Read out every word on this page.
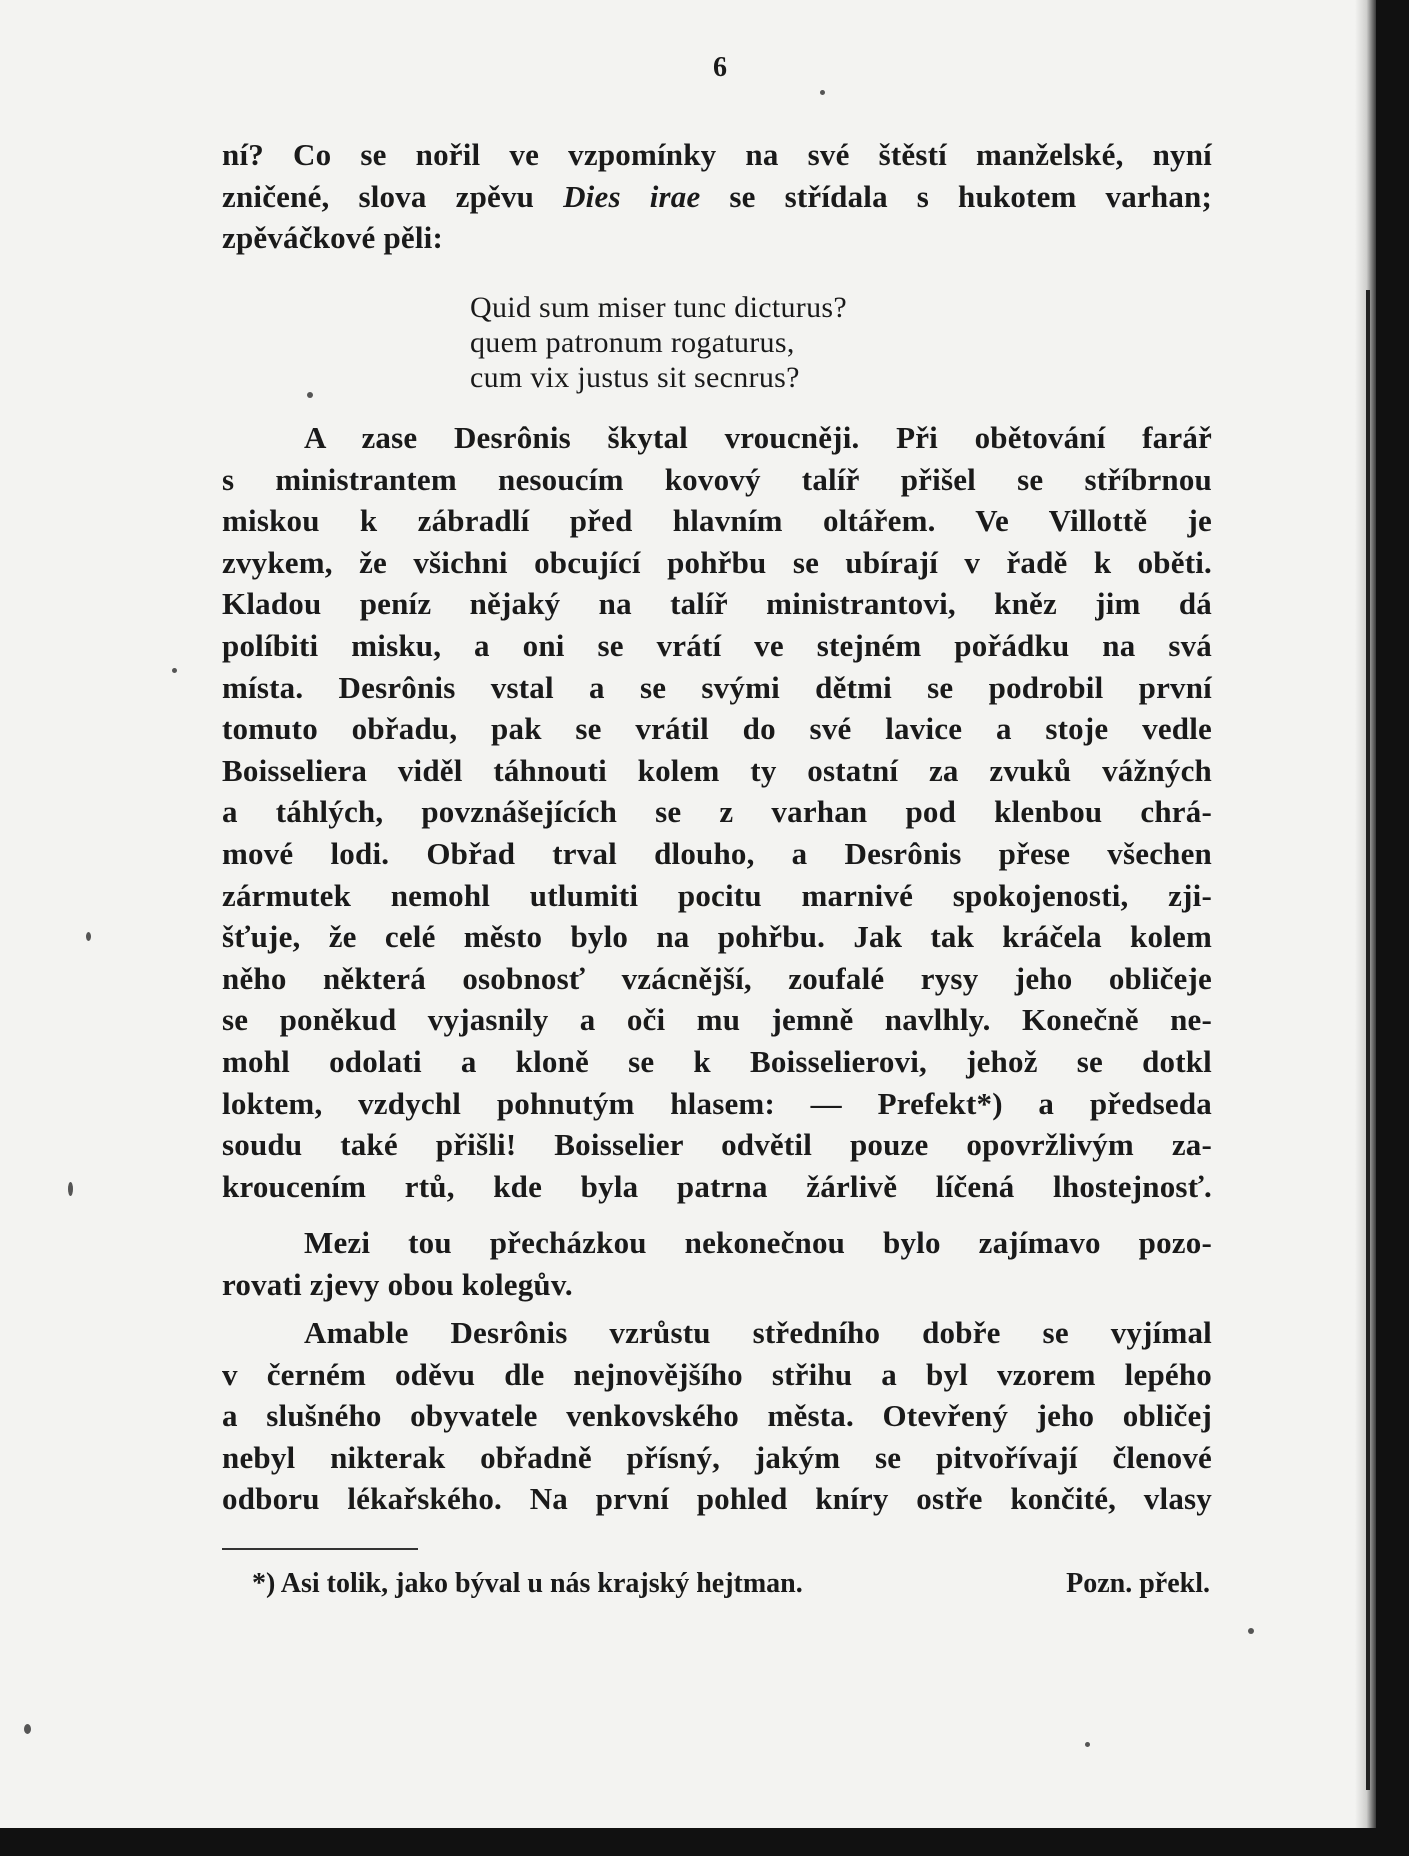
6
ní? Co se nořil ve vzpomínky na své štěstí manželské, nyní
zničené, slova zpěvu Dies irae se střídala s hukotem varhan;
zpěváčkové pěli:
Quid sum miser tunc dicturus?
quem patronum rogaturus,
cum vix justus sit secnrus?
A zase Desrônis škytal vroucněji. Při obětování farář
s ministrantem nesoucím kovový talíř přišel se stříbrnou
miskou k zábradlí před hlavním oltářem. Ve Villottě je
zvykem, že všichni obcující pohřbu se ubírají v řadě k oběti.
Kladou peníz nějaký na talíř ministrantovi, kněz jim dá
políbiti misku, a oni se vrátí ve stejném pořádku na svá
místa. Desrônis vstal a se svými dětmi se podrobil první
tomuto obřadu, pak se vrátil do své lavice a stoje vedle
Boisseliera viděl táhnouti kolem ty ostatní za zvuků vážných
a táhlých, povznášejících se z varhan pod klenbou chrá-
mové lodi. Obřad trval dlouho, a Desrônis přese všechen
zármutek nemohl utlumiti pocitu marnivé spokojenosti, zji-
šťuje, že celé město bylo na pohřbu. Jak tak kráčela kolem
něho některá osobnosť vzácnější, zoufalé rysy jeho obličeje
se poněkud vyjasnily a oči mu jemně navlhly. Konečně ne-
mohl odolati a kloně se k Boisselierovi, jehož se dotkl
loktem, vzdychl pohnutým hlasem: — Prefekt*) a předseda
soudu také přišli! Boisselier odvětil pouze opovržlivým za-
kroucením rtů, kde byla patrna žárlivě líčená lhostejnosť.
Mezi tou přecházkou nekonečnou bylo zajímavo pozo-
rovati zjevy obou kolegův.
Amable Desrônis vzrůstu středního dobře se vyjímal
v černém oděvu dle nejnovějšího střihu a byl vzorem lepého
a slušného obyvatele venkovského města. Otevřený jeho obličej
nebyl nikterak obřadně přísný, jakým se pitvořívají členové
odboru lékařského. Na první pohled kníry ostře končité, vlasy
*) Asi tolik, jako býval u nás krajský hejtman.	Pozn. překl.
